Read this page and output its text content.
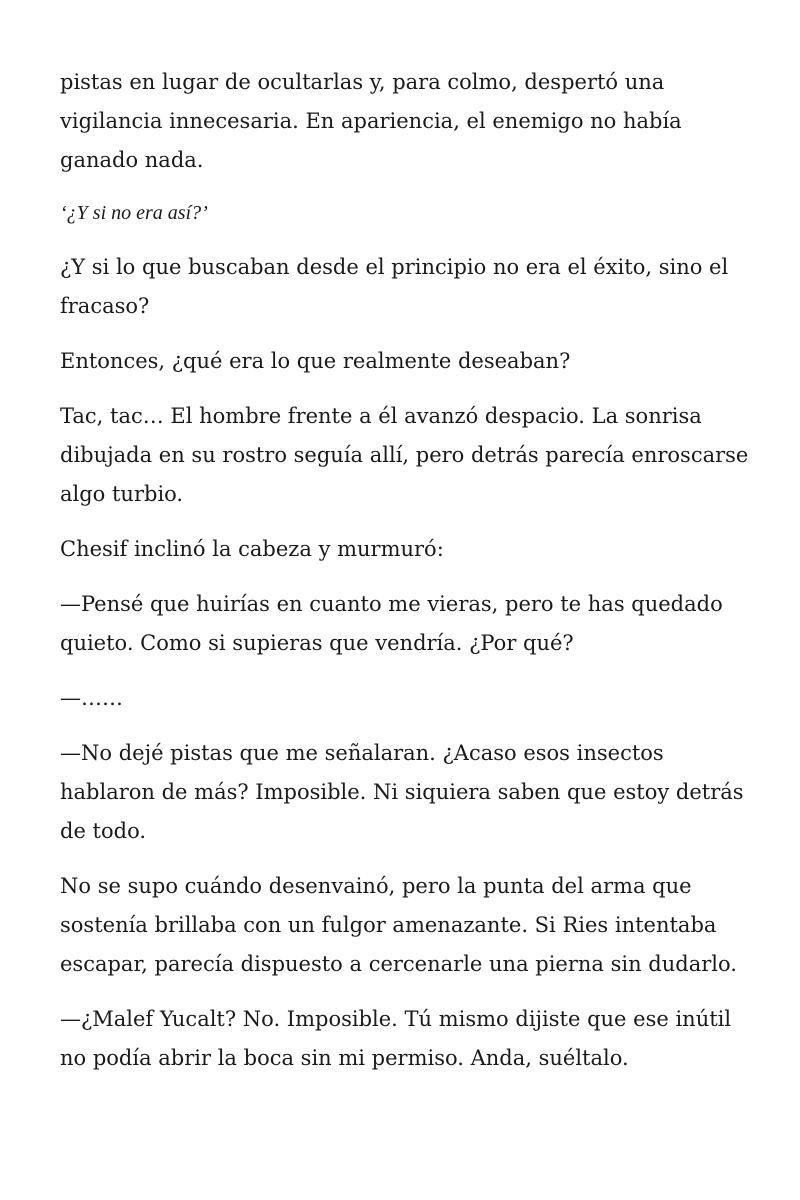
pistas en lugar de ocultarlas y, para colmo, despertó una vigilancia innecesaria. En apariencia, el enemigo no había ganado nada.

‘¿Y si no era así?’

¿Y si lo que buscaban desde el principio no era el éxito, sino el fracaso?

Entonces, ¿qué era lo que realmente deseaban?

Tac, tac… El hombre frente a él avanzó despacio. La sonrisa dibujada en su rostro seguía allí, pero detrás parecía enroscarse algo turbio.

Chesif inclinó la cabeza y murmuró:

—Pensé que huirías en cuanto me vieras, pero te has quedado quieto. Como si supieras que vendría. ¿Por qué?

—……

—No dejé pistas que me señalaran. ¿Acaso esos insectos hablaron de más? Imposible. Ni siquiera saben que estoy detrás de todo.

No se supo cuándo desenvainó, pero la punta del arma que sostenía brillaba con un fulgor amenazante. Si Ries intentaba escapar, parecía dispuesto a cercenarle una pierna sin dudarlo.

—¿Malef Yucalt? No. Imposible. Tú mismo dijiste que ese inútil no podía abrir la boca sin mi permiso. Anda, suéltalo.
